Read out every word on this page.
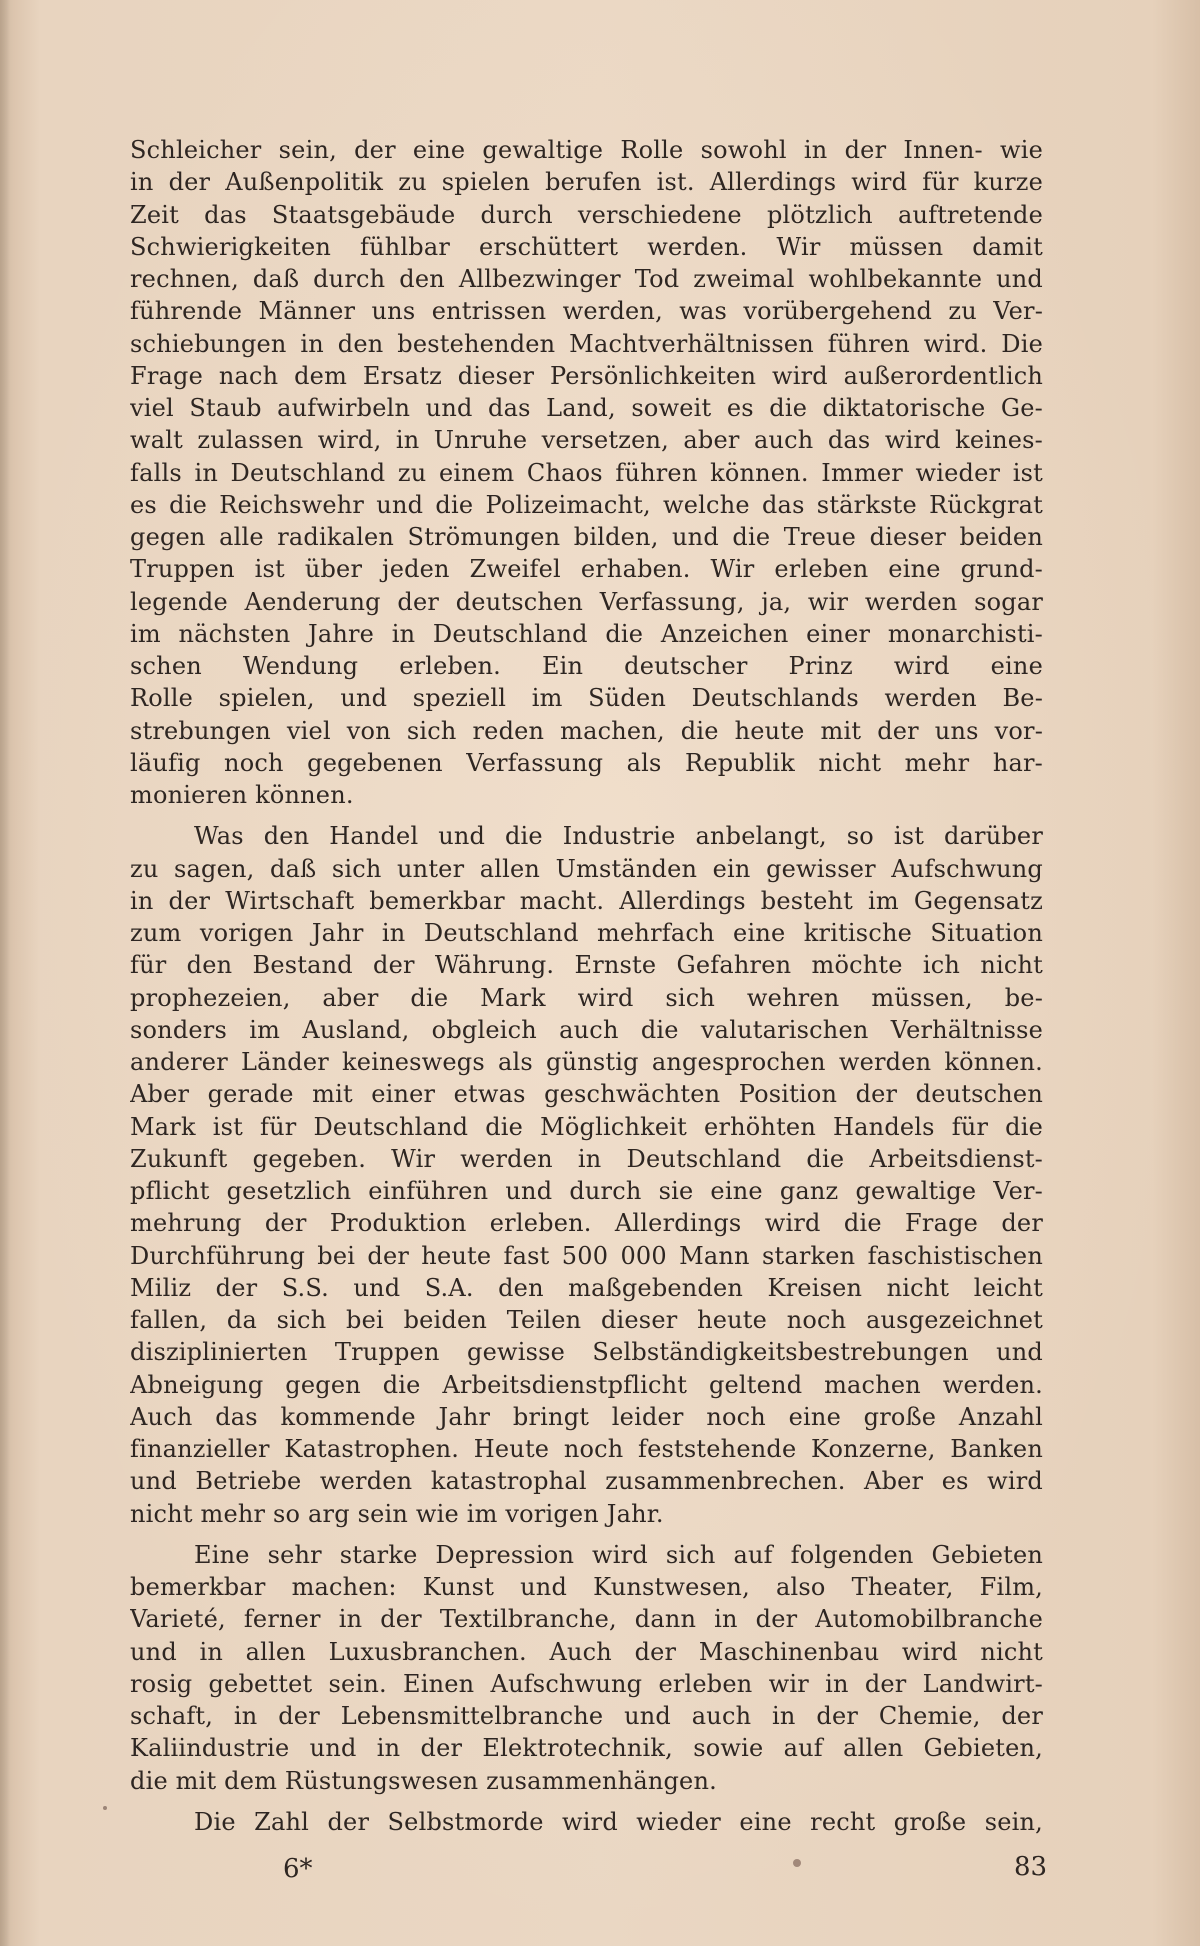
Schleicher sein, der eine gewaltige Rolle sowohl in der Innen- wie
in der Außenpolitik zu spielen berufen ist. Allerdings wird für kurze
Zeit das Staatsgebäude durch verschiedene plötzlich auftretende
Schwierigkeiten fühlbar erschüttert werden. Wir müssen damit
rechnen, daß durch den Allbezwinger Tod zweimal wohlbekannte und
führende Männer uns entrissen werden, was vorübergehend zu Ver-
schiebungen in den bestehenden Machtverhältnissen führen wird. Die
Frage nach dem Ersatz dieser Persönlichkeiten wird außerordentlich
viel Staub aufwirbeln und das Land, soweit es die diktatorische Ge-
walt zulassen wird, in Unruhe versetzen, aber auch das wird keines-
falls in Deutschland zu einem Chaos führen können. Immer wieder ist
es die Reichswehr und die Polizeimacht, welche das stärkste Rückgrat
gegen alle radikalen Strömungen bilden, und die Treue dieser beiden
Truppen ist über jeden Zweifel erhaben. Wir erleben eine grund-
legende Aenderung der deutschen Verfassung, ja, wir werden sogar
im nächsten Jahre in Deutschland die Anzeichen einer monarchisti-
schen Wendung erleben. Ein deutscher Prinz wird eine
Rolle spielen, und speziell im Süden Deutschlands werden Be-
strebungen viel von sich reden machen, die heute mit der uns vor-
läufig noch gegebenen Verfassung als Republik nicht mehr har-
monieren können.
Was den Handel und die Industrie anbelangt, so ist darüber
zu sagen, daß sich unter allen Umständen ein gewisser Aufschwung
in der Wirtschaft bemerkbar macht. Allerdings besteht im Gegensatz
zum vorigen Jahr in Deutschland mehrfach eine kritische Situation
für den Bestand der Währung. Ernste Gefahren möchte ich nicht
prophezeien, aber die Mark wird sich wehren müssen, be-
sonders im Ausland, obgleich auch die valutarischen Verhältnisse
anderer Länder keineswegs als günstig angesprochen werden können.
Aber gerade mit einer etwas geschwächten Position der deutschen
Mark ist für Deutschland die Möglichkeit erhöhten Handels für die
Zukunft gegeben. Wir werden in Deutschland die Arbeitsdienst-
pflicht gesetzlich einführen und durch sie eine ganz gewaltige Ver-
mehrung der Produktion erleben. Allerdings wird die Frage der
Durchführung bei der heute fast 500 000 Mann starken faschistischen
Miliz der S.S. und S.A. den maßgebenden Kreisen nicht leicht
fallen, da sich bei beiden Teilen dieser heute noch ausgezeichnet
disziplinierten Truppen gewisse Selbständigkeitsbestrebungen und
Abneigung gegen die Arbeitsdienstpflicht geltend machen werden.
Auch das kommende Jahr bringt leider noch eine große Anzahl
finanzieller Katastrophen. Heute noch feststehende Konzerne, Banken
und Betriebe werden katastrophal zusammenbrechen. Aber es wird
nicht mehr so arg sein wie im vorigen Jahr.
Eine sehr starke Depression wird sich auf folgenden Gebieten
bemerkbar machen: Kunst und Kunstwesen, also Theater, Film,
Varieté, ferner in der Textilbranche, dann in der Automobilbranche
und in allen Luxusbranchen. Auch der Maschinenbau wird nicht
rosig gebettet sein. Einen Aufschwung erleben wir in der Landwirt-
schaft, in der Lebensmittelbranche und auch in der Chemie, der
Kaliindustrie und in der Elektrotechnik, sowie auf allen Gebieten,
die mit dem Rüstungswesen zusammenhängen.
Die Zahl der Selbstmorde wird wieder eine recht große sein,
6*	83
